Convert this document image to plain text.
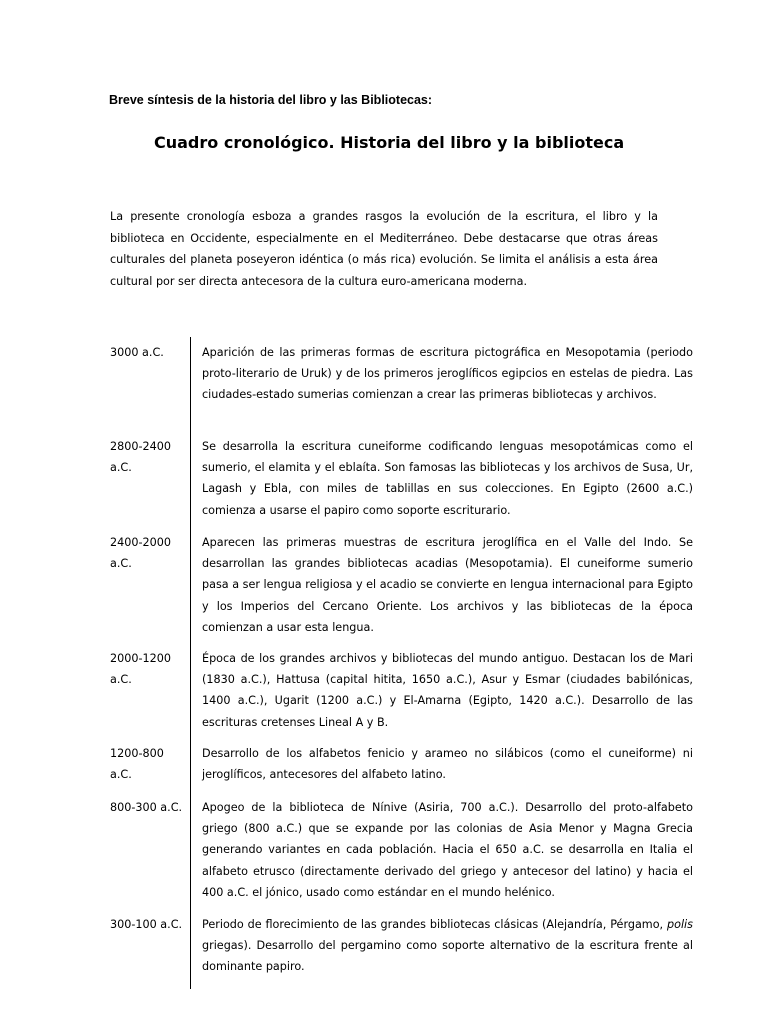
Breve síntesis de la historia del libro y las Bibliotecas:
Cuadro cronológico. Historia del libro y la biblioteca
La presente cronología esboza a grandes rasgos la evolución de la escritura, el libro y la biblioteca en Occidente, especialmente en el Mediterráneo. Debe destacarse que otras áreas culturales del planeta poseyeron idéntica (o más rica) evolución. Se limita el análisis a esta área cultural por ser directa antecesora de la cultura euro-americana moderna.
3000 a.C.	Aparición de las primeras formas de escritura pictográfica en Mesopotamia (periodo proto-literario de Uruk) y de los primeros jeroglíficos egipcios en estelas de piedra. Las ciudades-estado sumerias comienzan a crear las primeras bibliotecas y archivos.
2800-2400 a.C.
Se desarrolla la escritura cuneiforme codificando lenguas mesopotámicas como el sumerio, el elamita y el eblaíta. Son famosas las bibliotecas y los archivos de Susa, Ur, Lagash y Ebla, con miles de tablillas en sus colecciones. En Egipto (2600 a.C.) comienza a usarse el papiro como soporte escriturario.
2400-2000 a.C.
Aparecen las primeras muestras de escritura jeroglífica en el Valle del Indo. Se desarrollan las grandes bibliotecas acadias (Mesopotamia). El cuneiforme sumerio pasa a ser lengua religiosa y el acadio se convierte en lengua internacional para Egipto y los Imperios del Cercano Oriente. Los archivos y las bibliotecas de la época comienzan a usar esta lengua.
2000-1200 a.C.
Época de los grandes archivos y bibliotecas del mundo antiguo. Destacan los de Mari (1830 a.C.), Hattusa (capital hitita, 1650 a.C.), Asur y Esmar (ciudades babilónicas, 1400 a.C.), Ugarit (1200 a.C.) y El-Amarna (Egipto, 1420 a.C.). Desarrollo de las escrituras cretenses Lineal A y B.
1200-800 a.C.
Desarrollo de los alfabetos fenicio y arameo no silábicos (como el cuneiforme) ni jeroglíficos, antecesores del alfabeto latino.
800-300 a.C. Apogeo de la biblioteca de Nínive (Asiria, 700 a.C.). Desarrollo del proto-alfabeto griego (800 a.C.) que se expande por las colonias de Asia Menor y Magna Grecia generando variantes en cada población. Hacia el 650 a.C. se desarrolla en Italia el alfabeto etrusco (directamente derivado del griego y antecesor del latino) y hacia el 400 a.C. el jónico, usado como estándar en el mundo helénico.
300-100 a.C. Periodo de florecimiento de las grandes bibliotecas clásicas (Alejandría, Pérgamo, polis griegas). Desarrollo del pergamino como soporte alternativo de la escritura frente al dominante papiro.
